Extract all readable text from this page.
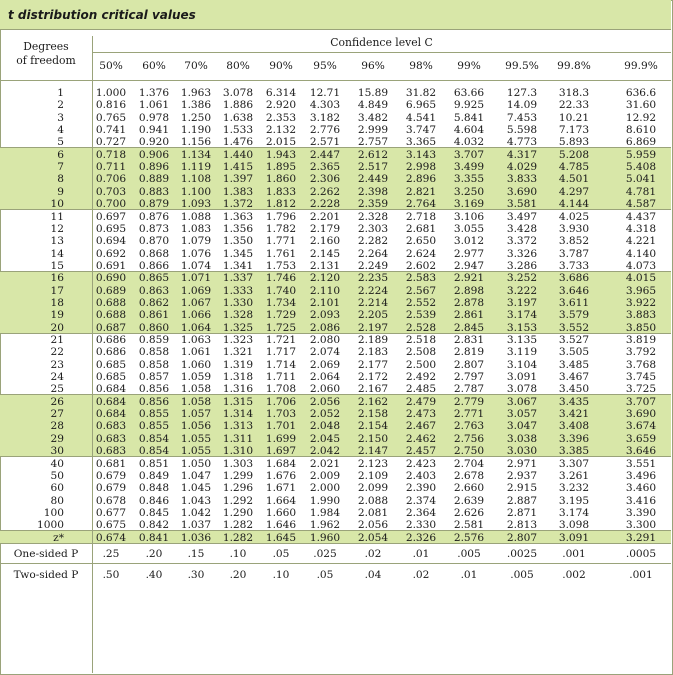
t distribution critical values
Degrees
of freedom
Confidence level C
50%	60%	70%	80%	90%	95%	96%	98%	99%	99.5%	99.8%	99.9%
1	1.000	1.376	1.963	3.078	6.314	12.71	15.89	31.82	63.66	127.3	318.3	636.6
2	0.816	1.061	1.386	1.886	2.920	4.303	4.849	6.965	9.925	14.09	22.33	31.60
3	0.765	0.978	1.250	1.638	2.353	3.182	3.482	4.541	5.841	7.453	10.21	12.92
4	0.741	0.941	1.190	1.533	2.132	2.776	2.999	3.747	4.604	5.598	7.173	8.610
5	0.727	0.920	1.156	1.476	2.015	2.571	2.757	3.365	4.032	4.773	5.893	6.869
6	0.718	0.906	1.134	1.440	1.943	2.447	2.612	3.143	3.707	4.317	5.208	5.959
7	0.711	0.896	1.119	1.415	1.895	2.365	2.517	2.998	3.499	4.029	4.785	5.408
8	0.706	0.889	1.108	1.397	1.860	2.306	2.449	2.896	3.355	3.833	4.501	5.041
9	0.703	0.883	1.100	1.383	1.833	2.262	2.398	2.821	3.250	3.690	4.297	4.781
10	0.700	0.879	1.093	1.372	1.812	2.228	2.359	2.764	3.169	3.581	4.144	4.587
11	0.697	0.876	1.088	1.363	1.796	2.201	2.328	2.718	3.106	3.497	4.025	4.437
12	0.695	0.873	1.083	1.356	1.782	2.179	2.303	2.681	3.055	3.428	3.930	4.318
13	0.694	0.870	1.079	1.350	1.771	2.160	2.282	2.650	3.012	3.372	3.852	4.221
14	0.692	0.868	1.076	1.345	1.761	2.145	2.264	2.624	2.977	3.326	3.787	4.140
15	0.691	0.866	1.074	1.341	1.753	2.131	2.249	2.602	2.947	3.286	3.733	4.073
16	0.690	0.865	1.071	1.337	1.746	2.120	2.235	2.583	2.921	3.252	3.686	4.015
17	0.689	0.863	1.069	1.333	1.740	2.110	2.224	2.567	2.898	3.222	3.646	3.965
18	0.688	0.862	1.067	1.330	1.734	2.101	2.214	2.552	2.878	3.197	3.611	3.922
19	0.688	0.861	1.066	1.328	1.729	2.093	2.205	2.539	2.861	3.174	3.579	3.883
20	0.687	0.860	1.064	1.325	1.725	2.086	2.197	2.528	2.845	3.153	3.552	3.850
21	0.686	0.859	1.063	1.323	1.721	2.080	2.189	2.518	2.831	3.135	3.527	3.819
22	0.686	0.858	1.061	1.321	1.717	2.074	2.183	2.508	2.819	3.119	3.505	3.792
23	0.685	0.858	1.060	1.319	1.714	2.069	2.177	2.500	2.807	3.104	3.485	3.768
24	0.685	0.857	1.059	1.318	1.711	2.064	2.172	2.492	2.797	3.091	3.467	3.745
25	0.684	0.856	1.058	1.316	1.708	2.060	2.167	2.485	2.787	3.078	3.450	3.725
26	0.684	0.856	1.058	1.315	1.706	2.056	2.162	2.479	2.779	3.067	3.435	3.707
27	0.684	0.855	1.057	1.314	1.703	2.052	2.158	2.473	2.771	3.057	3.421	3.690
28	0.683	0.855	1.056	1.313	1.701	2.048	2.154	2.467	2.763	3.047	3.408	3.674
29	0.683	0.854	1.055	1.311	1.699	2.045	2.150	2.462	2.756	3.038	3.396	3.659
30	0.683	0.854	1.055	1.310	1.697	2.042	2.147	2.457	2.750	3.030	3.385	3.646
40	0.681	0.851	1.050	1.303	1.684	2.021	2.123	2.423	2.704	2.971	3.307	3.551
50	0.679	0.849	1.047	1.299	1.676	2.009	2.109	2.403	2.678	2.937	3.261	3.496
60	0.679	0.848	1.045	1.296	1.671	2.000	2.099	2.390	2.660	2.915	3.232	3.460
80	0.678	0.846	1.043	1.292	1.664	1.990	2.088	2.374	2.639	2.887	3.195	3.416
100	0.677	0.845	1.042	1.290	1.660	1.984	2.081	2.364	2.626	2.871	3.174	3.390
1000	0.675	0.842	1.037	1.282	1.646	1.962	2.056	2.330	2.581	2.813	3.098	3.300
z*	0.674	0.841	1.036	1.282	1.645	1.960	2.054	2.326	2.576	2.807	3.091	3.291
One-sided P	.25	.20	.15	.10	.05	.025	.02	.01	.005	.0025	.001	.0005
Two-sided P	.50	.40	.30	.20	.10	.05	.04	.02	.01	.005	.002	.001
